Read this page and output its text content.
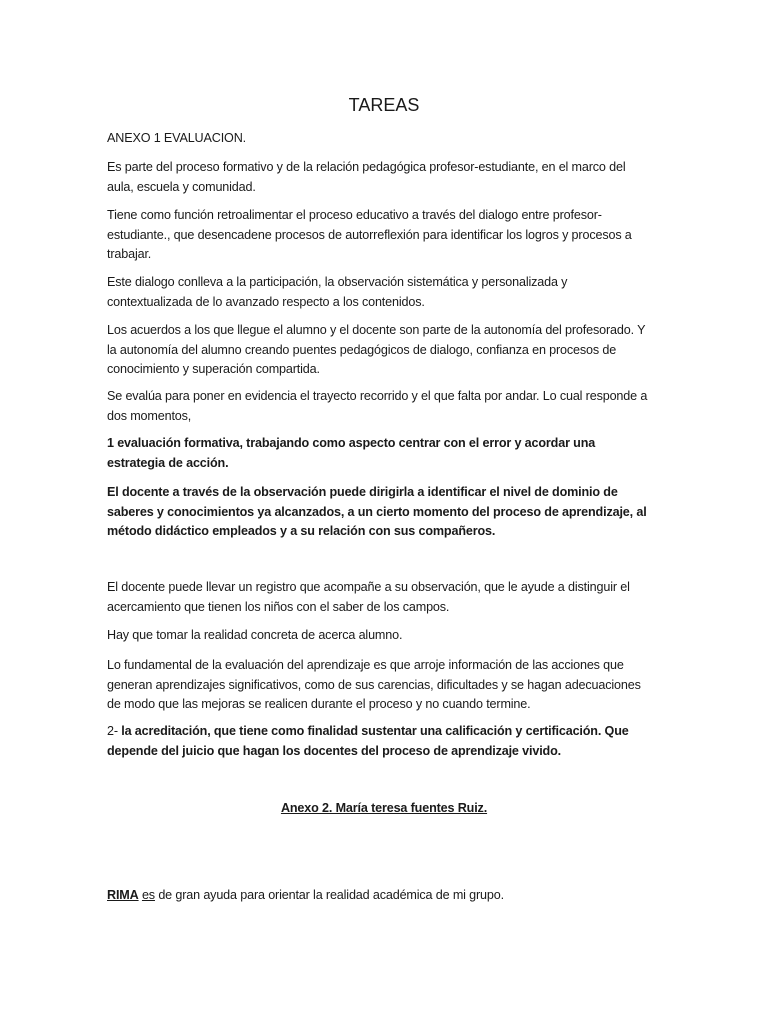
TAREAS

ANEXO 1 EVALUACION.

Es parte del proceso formativo y de la relación pedagógica profesor-estudiante, en el marco del aula, escuela y comunidad.

Tiene como función retroalimentar el proceso educativo a través del dialogo entre profesor-estudiante., que desencadene procesos de autorreflexión para identificar los logros y procesos a trabajar.

Este dialogo conlleva a la participación, la observación sistemática y personalizada y contextualizada de lo avanzado respecto a los contenidos.

Los acuerdos a los que llegue el alumno y el docente son parte de la autonomía del profesorado. Y la autonomía del alumno creando puentes pedagógicos de dialogo, confianza en procesos de conocimiento y superación compartida.

Se evalúa para poner en evidencia el trayecto recorrido y el que falta por andar. Lo cual responde a dos momentos,

1 evaluación formativa, trabajando como aspecto centrar con el error y acordar una estrategia de acción.

El docente a través de la observación puede dirigirla a identificar el nivel de dominio de saberes y conocimientos ya alcanzados, a un cierto momento del proceso de aprendizaje, al método didáctico empleados y a su relación con sus compañeros.

El docente puede llevar un registro que acompañe a su observación, que le ayude a distinguir el acercamiento que tienen los niños con el saber de los campos.

Hay que tomar la realidad concreta de acerca alumno.

Lo fundamental de la evaluación del aprendizaje es que arroje información de las acciones que generan aprendizajes significativos, como de sus carencias, dificultades y se hagan adecuaciones de modo que las mejoras se realicen durante el proceso y no cuando termine.

2- la acreditación, que tiene como finalidad sustentar una calificación y certificación. Que depende del juicio que hagan los docentes del proceso de aprendizaje vivido.

Anexo 2. María teresa fuentes Ruiz.

RIMA es de gran ayuda para orientar la realidad académica de mi grupo.
